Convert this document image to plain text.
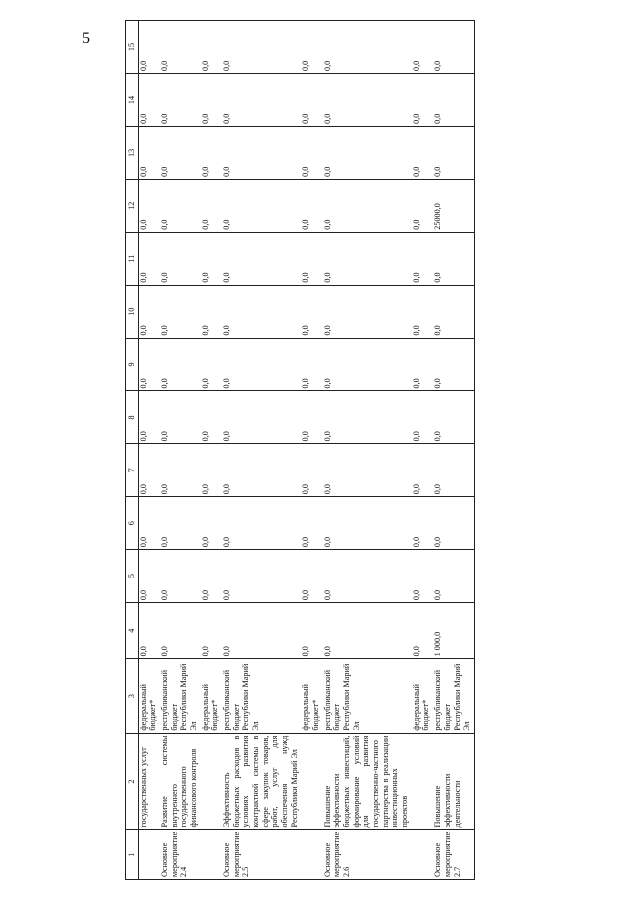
5
1	2	3	4	5	6	7	8	9	10	11	12	13	14	15
	государственных услуг	федеральный бюджет*	0,0	0,0	0,0	0,0	0,0	0,0	0,0	0,0	0,0	0,0	0,0	0,0
Основное мероприятие 2.4	Развитие системы внутреннего государственного финансового контроля	республиканский бюджет Республики Марий Эл	0,0	0,0	0,0	0,0	0,0	0,0	0,0	0,0	0,0	0,0	0,0	0,0
		федеральный бюджет*	0,0	0,0	0,0	0,0	0,0	0,0	0,0	0,0	0,0	0,0	0,0	0,0
Основное мероприятие 2.5	Эффективность бюджетных расходов в условиях развития контрактной системы в сфере закупок товаров, работ, услуг для обеспечения нужд Республики Марий Эл	республиканский бюджет Республики Марий Эл	0,0	0,0	0,0	0,0	0,0	0,0	0,0	0,0	0,0	0,0	0,0	0,0
		федеральный бюджет*	0,0	0,0	0,0	0,0	0,0	0,0	0,0	0,0	0,0	0,0	0,0	0,0
Основное мероприятие 2.6	Повышение эффективности бюджетных инвестиций, формирование условий для развития государственно-частного партнерства в реализации инвестиционных проектов	республиканский бюджет Республики Марий Эл	0,0	0,0	0,0	0,0	0,0	0,0	0,0	0,0	0,0	0,0	0,0	0,0
		федеральный бюджет*	0,0	0,0	0,0	0,0	0,0	0,0	0,0	0,0	0,0	0,0	0,0	0,0
Основное мероприятие 2.7	Повышение эффективности деятельности	республиканский бюджет Республики Марий Эл	1 000,0	0,0	0,0	0,0	0,0	0,0	0,0	0,0	25000,0	0,0	0,0	0,0
